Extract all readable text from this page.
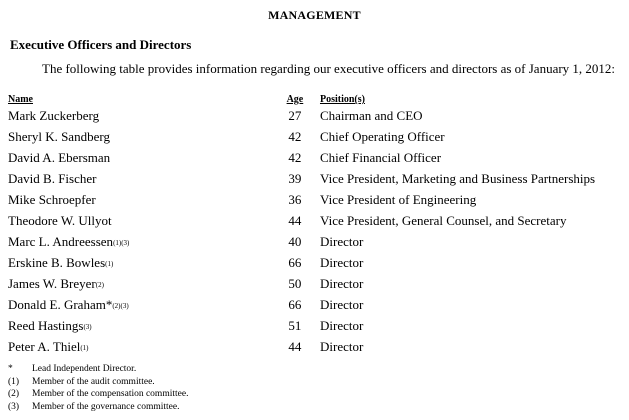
MANAGEMENT
Executive Officers and Directors
The following table provides information regarding our executive officers and directors as of January 1, 2012:
Name	Age	Position(s)
Mark Zuckerberg	27	Chairman and CEO
Sheryl K. Sandberg	42	Chief Operating Officer
David A. Ebersman	42	Chief Financial Officer
David B. Fischer	39	Vice President, Marketing and Business Partnerships
Mike Schroepfer	36	Vice President of Engineering
Theodore W. Ullyot	44	Vice President, General Counsel, and Secretary
Marc L. Andreessen$^{(1)(3)}$	40	Director
Erskine B. Bowles$^{(1)}$	66	Director
James W. Breyer$^{(2)}$	50	Director
Donald E. Graham*$^{(2)(3)}$	66	Director
Reed Hastings$^{(3)}$	51	Director
Peter A. Thiel$^{(1)}$	44	Director
*	Lead Independent Director.
(1)	Member of the audit committee.
(2)	Member of the compensation committee.
(3)	Member of the governance committee.
